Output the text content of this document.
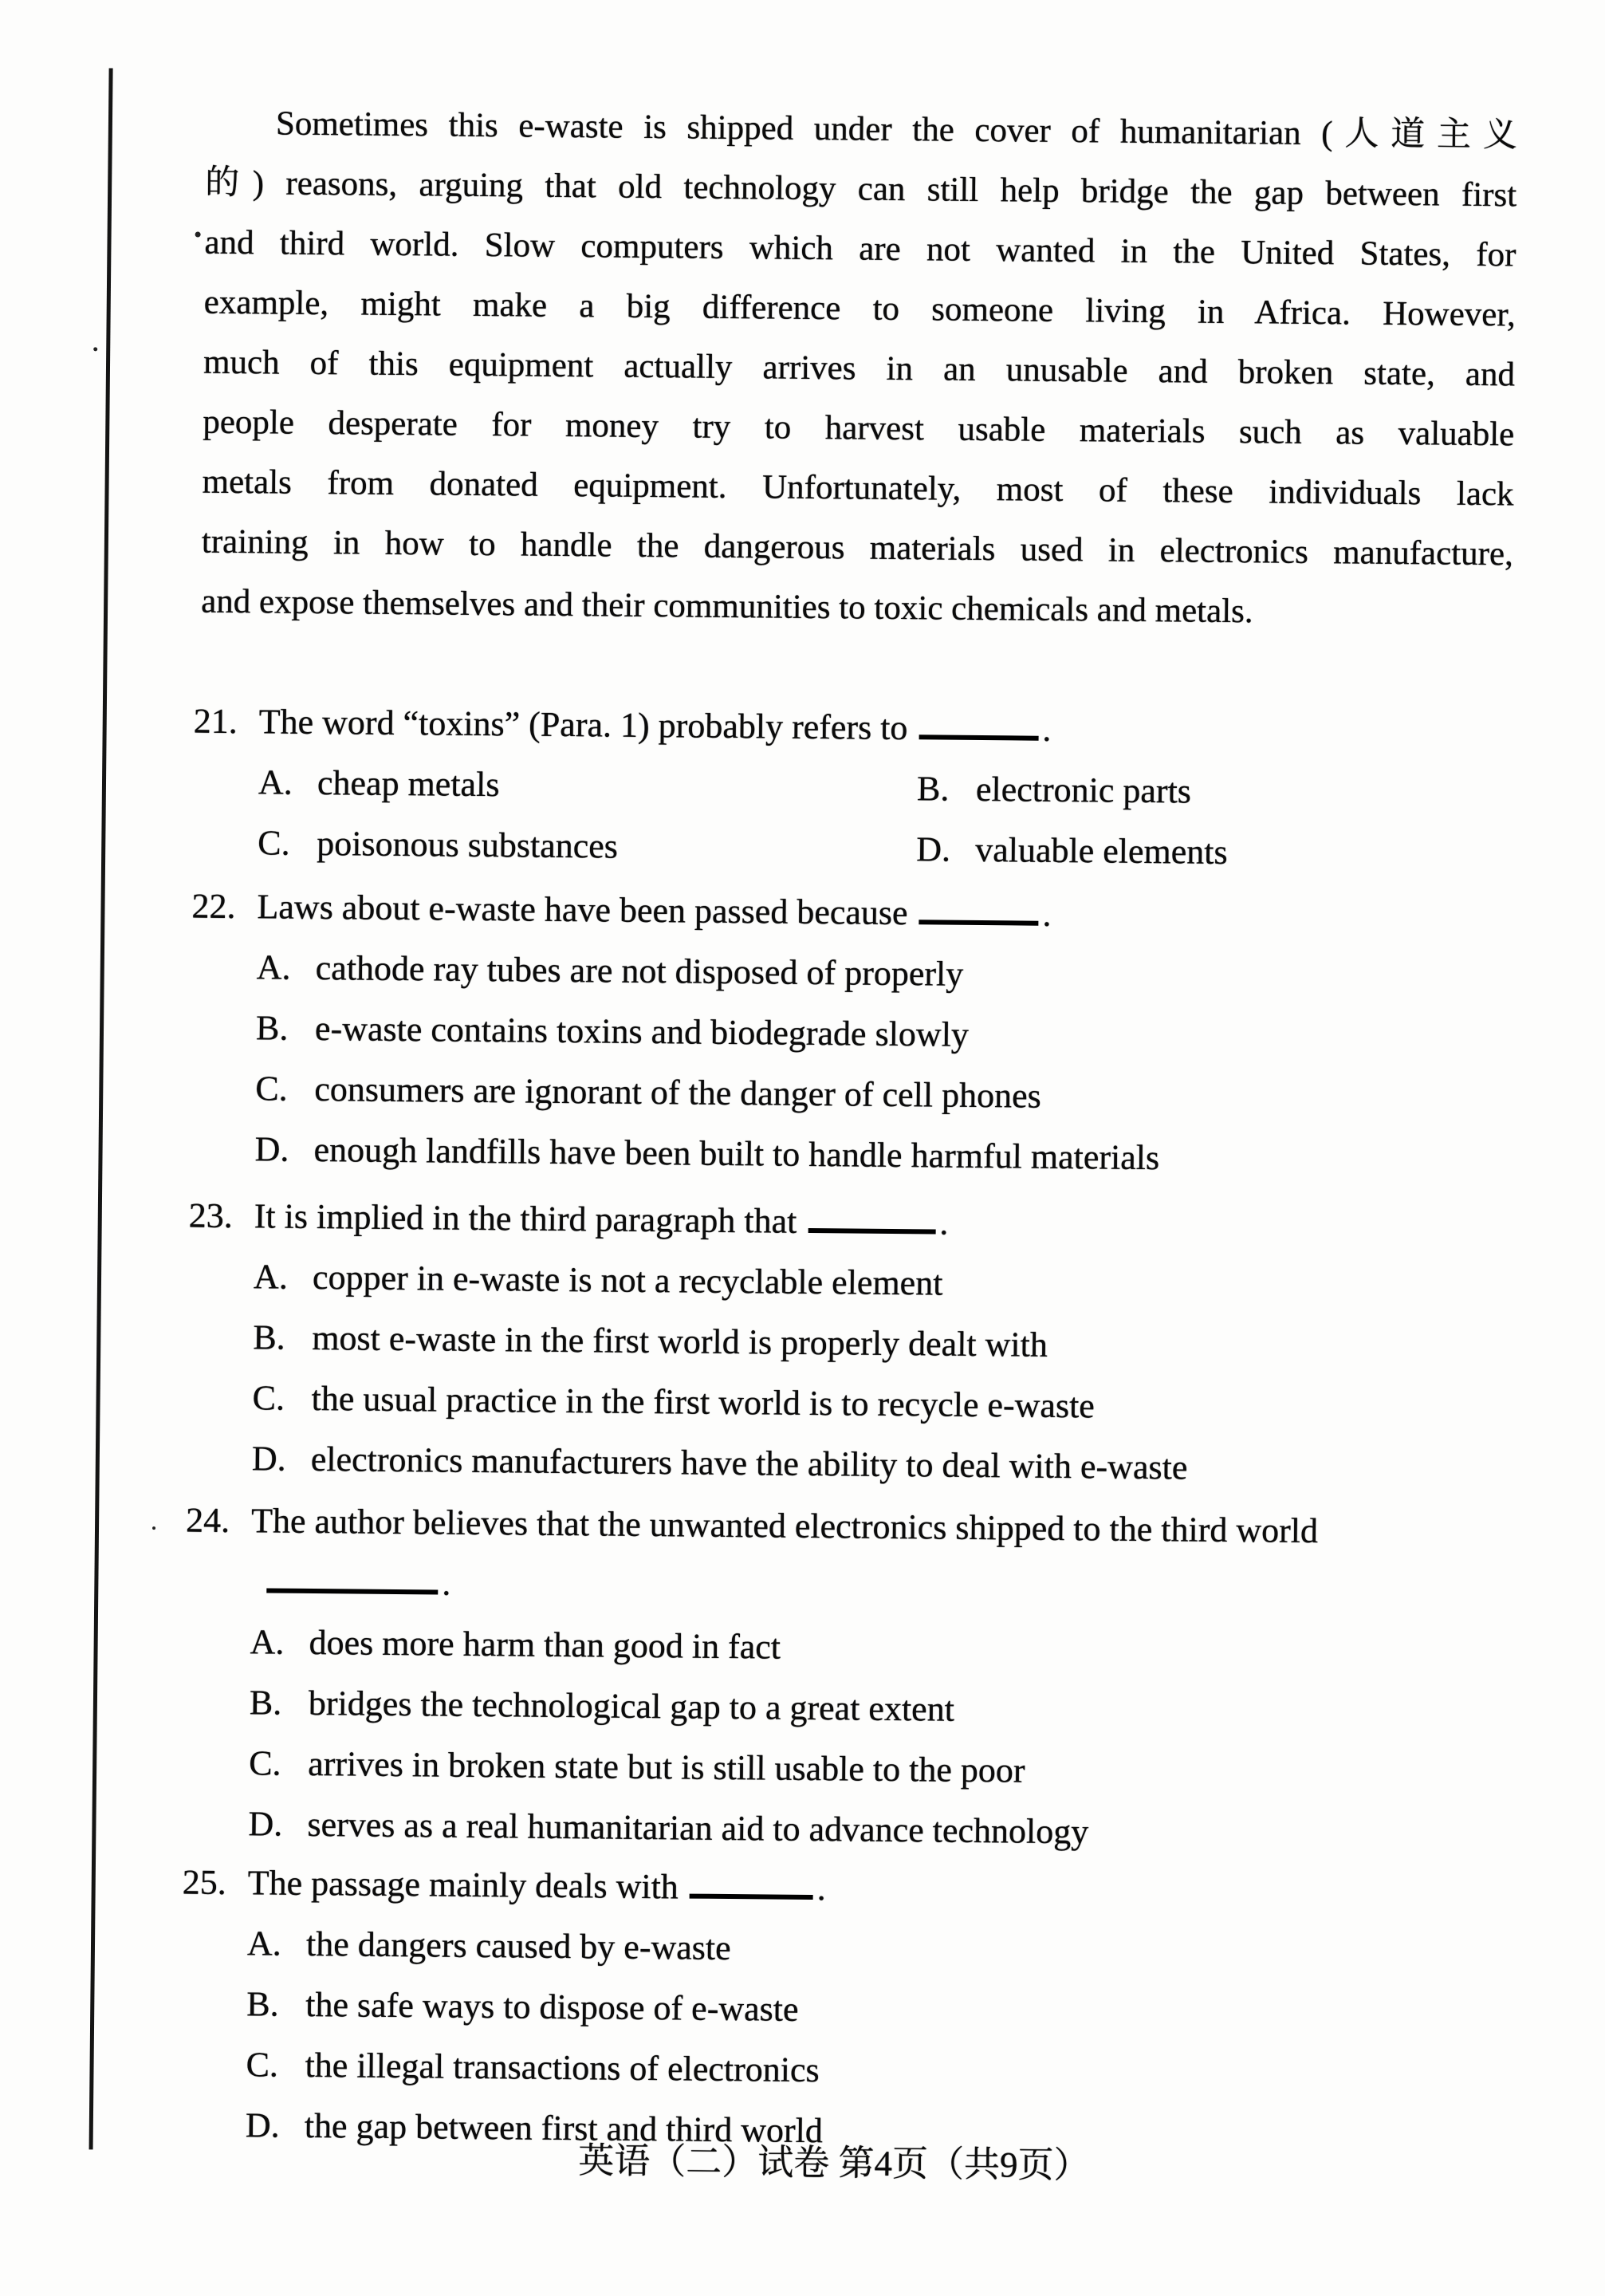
Sometimes this e-waste is shipped under the cover of humanitarian (人道主义
的) reasons, arguing that old technology can still help bridge the gap between first
and third world. Slow computers which are not wanted in the United States, for
example, might make a big difference to someone living in Africa. However,
much of this equipment actually arrives in an unusable and broken state, and
people desperate for money try to harvest usable materials such as valuable
metals from donated equipment. Unfortunately, most of these individuals lack
training in how to handle the dangerous materials used in electronics manufacture,
and expose themselves and their communities to toxic chemicals and metals.
21. The word “toxins” (Para. 1) probably refers to	.
A. cheap metals	B. electronic parts
C. poisonous substances	D. valuable elements
22. Laws about e-waste have been passed because	.
A. cathode ray tubes are not disposed of properly
B. e-waste contains toxins and biodegrade slowly
C. consumers are ignorant of the danger of cell phones
D. enough landfills have been built to handle harmful materials
23. It is implied in the third paragraph that	.
A. copper in e-waste is not a recyclable element
B. most e-waste in the first world is properly dealt with
C. the usual practice in the first world is to recycle e-waste
D. electronics manufacturers have the ability to deal with e-waste
24. The author believes that the unwanted electronics shipped to the third world
.
A. does more harm than good in fact
B. bridges the technological gap to a great extent
C. arrives in broken state but is still usable to the poor
D. serves as a real humanitarian aid to advance technology
25. The passage mainly deals with	.
A. the dangers caused by e-waste
B. the safe ways to dispose of e-waste
C. the illegal transactions of electronics
D. the gap between first and third world
英语（二）试卷 第4页（共9页）
